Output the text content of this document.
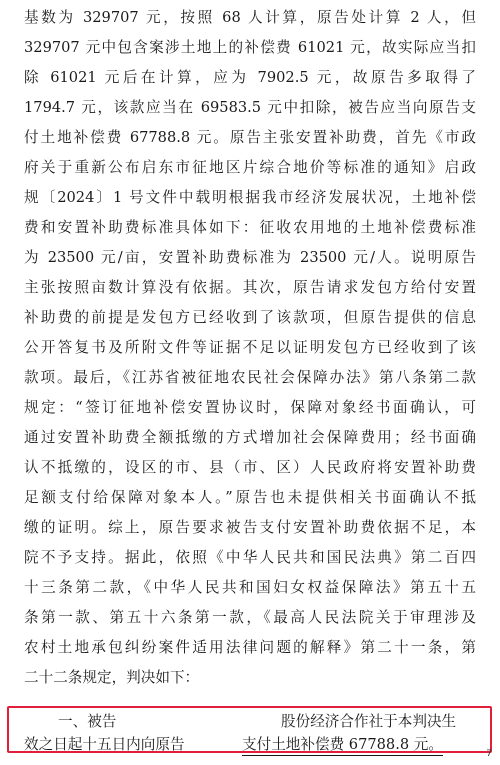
基数为 329707 元，按照 68 人计算，原告处计算 2 人，但
329707 元中包含案涉土地上的补偿费 61021 元，故实际应当扣
除 61021 元后在计算，应为 7902.5 元，故原告多取得了
1794.7 元，该款应当在 69583.5 元中扣除，被告应当向原告支
付土地补偿费 67788.8 元。原告主张安置补助费，首先《市政
府关于重新公布启东市征地区片综合地价等标准的通知》启政
规〔2024〕1 号文件中载明根据我市经济发展状况，土地补偿
费和安置补助费标准具体如下：征收农用地的土地补偿费标准
为 23500 元/亩，安置补助费标准为 23500 元/人。说明原告
主张按照亩数计算没有依据。其次，原告请求发包方给付安置
补助费的前提是发包方已经收到了该款项，但原告提供的信息
公开答复书及所附文件等证据不足以证明发包方已经收到了该
款项。最后，《江苏省被征地农民社会保障办法》第八条第二款
规定：“签订征地补偿安置协议时，保障对象经书面确认，可
通过安置补助费全额抵缴的方式增加社会保障费用；经书面确
认不抵缴的，设区的市、县（市、区）人民政府将安置补助费
足额支付给保障对象本人。”原告也未提供相关书面确认不抵
缴的证明。综上，原告要求被告支付安置补助费依据不足，本
院不予支持。据此，依照《中华人民共和国民法典》第二百四
十三条第二款，《中华人民共和国妇女权益保障法》第五十五
条第一款、第五十六条第一款，《最高人民法院关于审理涉及
农村土地承包纠纷案件适用法律问题的解释》第二十一条，第
二十二条规定，判决如下：
一、被告	股份经济合作社于本判决生
效之日起十五日内向原告	支付土地补偿费 67788.8 元。
7
